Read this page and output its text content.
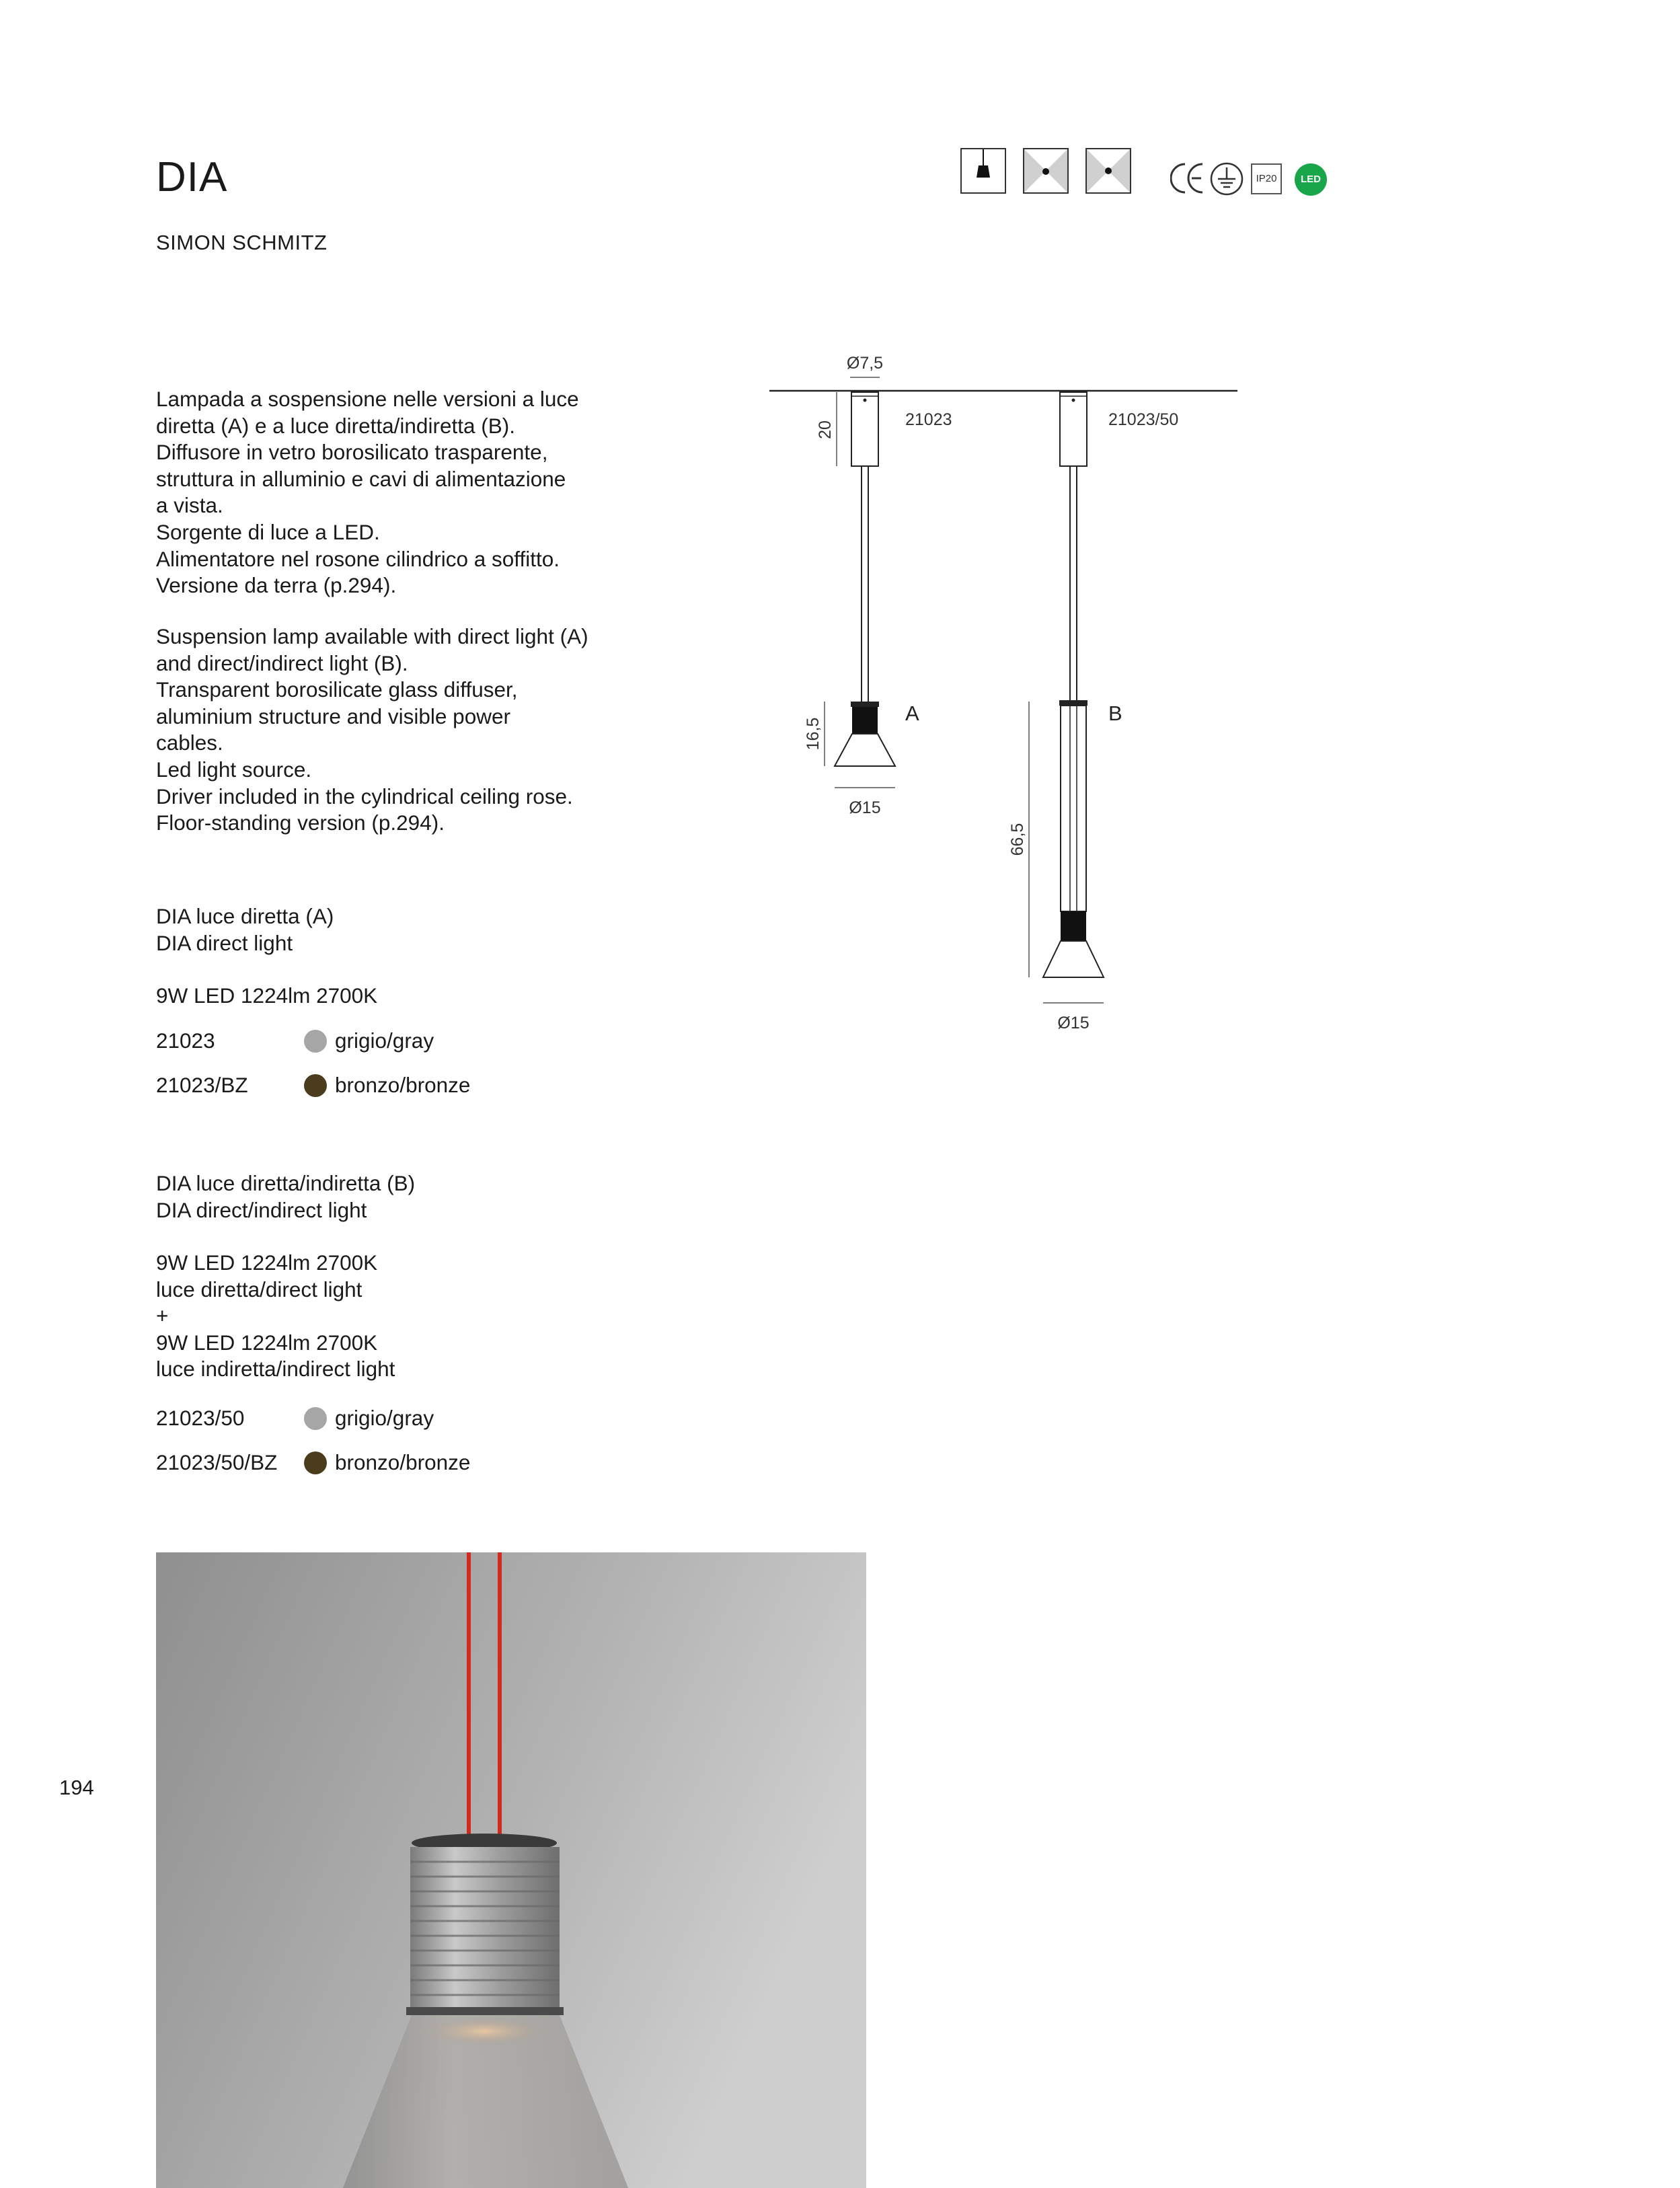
DIA
SIMON SCHMITZ
IP20	LED
Lampada a sospensione nelle versioni a luce
diretta (A) e a luce diretta/indiretta (B).
Diffusore in vetro borosilicato trasparente,
struttura in alluminio e cavi di alimentazione
a vista.
Sorgente di luce a LED.
Alimentatore nel rosone cilindrico a soffitto.
Versione da terra (p.294).
Suspension lamp available with direct light (A)
and direct/indirect light (B).
Transparent borosilicate glass diffuser,
aluminium structure and visible power
cables.
Led light source.
Driver included in the cylindrical ceiling rose.
Floor-standing version (p.294).
DIA luce diretta (A)
DIA direct light
9W LED 1224lm 2700K
21023	grigio/gray
21023/BZ	bronzo/bronze
DIA luce diretta/indiretta (B)
DIA direct/indirect light
9W LED 1224lm 2700K
luce diretta/direct light
+
9W LED 1224lm 2700K
luce indiretta/indirect light
21023/50	grigio/gray
21023/50/BZ	bronzo/bronze
Ø7,5
20
21023
A
16,5
Ø15
21023/50
B
66,5
Ø15
194
